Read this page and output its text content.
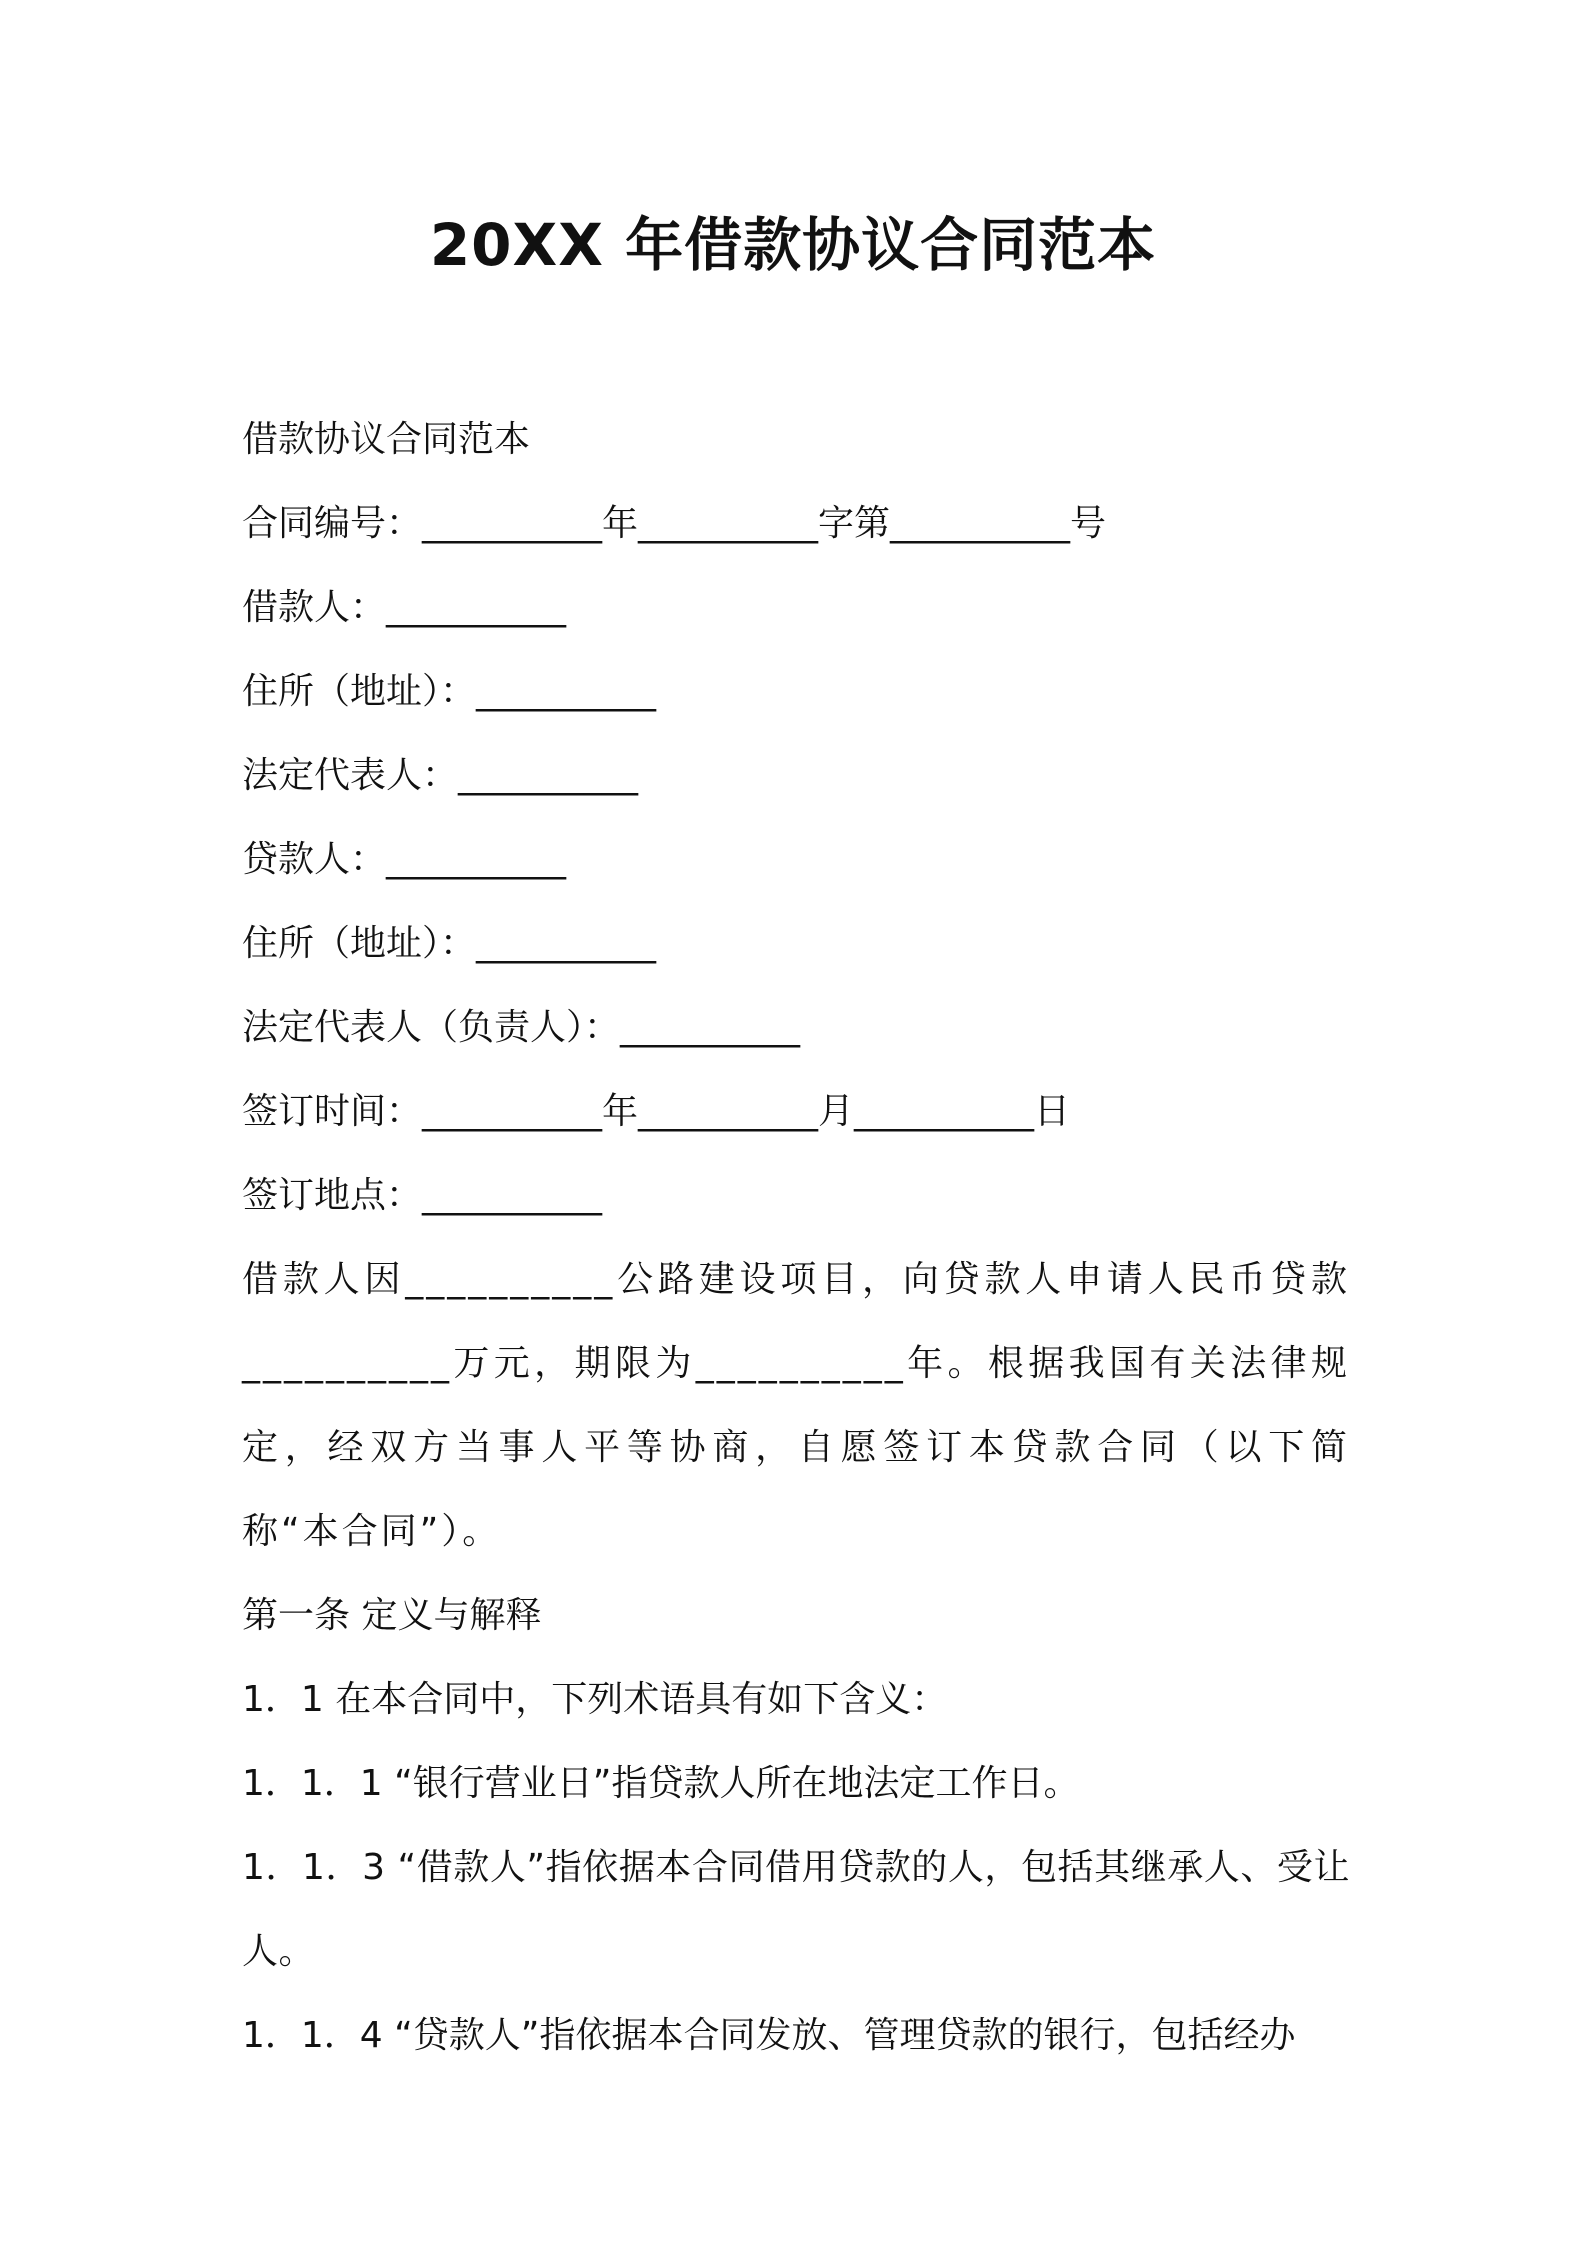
20XX 年借款协议合同范本
借款协议合同范本
合同编号：__________年__________字第__________号
借款人：__________
住所（地址）：__________
法定代表人：__________
贷款人：__________
住所（地址）：__________
法定代表人（负责人）：__________
签订时间：__________年__________月__________日
签订地点：__________
借款人因__________公路建设项目，向贷款人申请人民币贷款__________万元，期限为__________年。根据我国有关法律规定，经双方当事人平等协商，自愿签订本贷款合同（以下简称“本合同”）。
第一条 定义与解释
1．1 在本合同中，下列术语具有如下含义：
1．1．1 “银行营业日”指贷款人所在地法定工作日。
1．1．3 “借款人”指依据本合同借用贷款的人，包括其继承人、受让人。
1．1．4 “贷款人”指依据本合同发放、管理贷款的银行，包括经办
